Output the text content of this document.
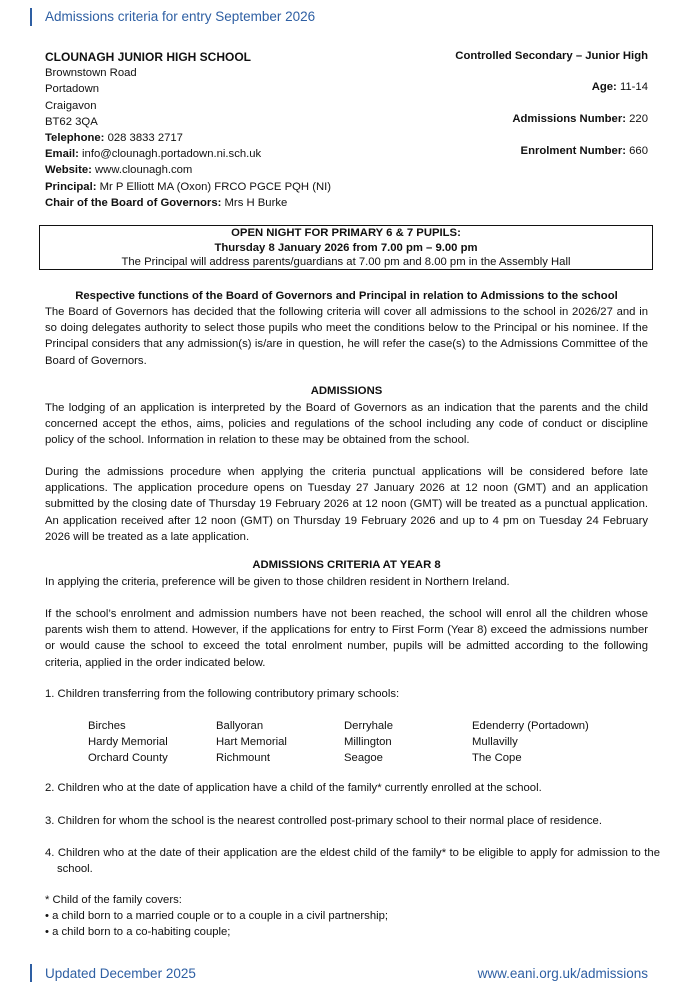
Admissions criteria for entry September 2026
CLOUNAGH JUNIOR HIGH SCHOOL
Brownstown Road
Portadown
Craigavon
BT62 3QA
Telephone: 028 3833 2717
Email: info@clounagh.portadown.ni.sch.uk
Website: www.clounagh.com
Principal: Mr P Elliott MA (Oxon) FRCO PGCE PQH (NI)
Chair of the Board of Governors: Mrs H Burke
Controlled Secondary – Junior High
Age: 11-14
Admissions Number: 220
Enrolment Number: 660
OPEN NIGHT FOR PRIMARY 6 & 7 PUPILS:
Thursday 8 January 2026 from 7.00 pm – 9.00 pm
The Principal will address parents/guardians at 7.00 pm and 8.00 pm in the Assembly Hall
Respective functions of the Board of Governors and Principal in relation to Admissions to the school
The Board of Governors has decided that the following criteria will cover all admissions to the school in 2026/27 and in so doing delegates authority to select those pupils who meet the conditions below to the Principal or his nominee. If the Principal considers that any admission(s) is/are in question, he will refer the case(s) to the Admissions Committee of the Board of Governors.
ADMISSIONS
The lodging of an application is interpreted by the Board of Governors as an indication that the parents and the child concerned accept the ethos, aims, policies and regulations of the school including any code of conduct or discipline policy of the school. Information in relation to these may be obtained from the school.
During the admissions procedure when applying the criteria punctual applications will be considered before late applications. The application procedure opens on Tuesday 27 January 2026 at 12 noon (GMT) and an application submitted by the closing date of Thursday 19 February 2026 at 12 noon (GMT) will be treated as a punctual application. An application received after 12 noon (GMT) on Thursday 19 February 2026 and up to 4 pm on Tuesday 24 February 2026 will be treated as a late application.
ADMISSIONS CRITERIA AT YEAR 8
In applying the criteria, preference will be given to those children resident in Northern Ireland.
If the school’s enrolment and admission numbers have not been reached, the school will enrol all the children whose parents wish them to attend. However, if the applications for entry to First Form (Year 8) exceed the admissions number or would cause the school to exceed the total enrolment number, pupils will be admitted according to the following criteria, applied in the order indicated below.
1. Children transferring from the following contributory primary schools:
Birches	Ballyoran	Derryhale	Edenderry (Portadown)
Hardy Memorial	Hart Memorial	Millington	Mullavilly
Orchard County	Richmount	Seagoe	The Cope
2. Children who at the date of application have a child of the family* currently enrolled at the school.
3. Children for whom the school is the nearest controlled post-primary school to their normal place of residence.
4. Children who at the date of their application are the eldest child of the family* to be eligible to apply for admission to the school.
* Child of the family covers:
• a child born to a married couple or to a couple in a civil partnership;
• a child born to a co-habiting couple;
Updated December 2025	www.eani.org.uk/admissions
